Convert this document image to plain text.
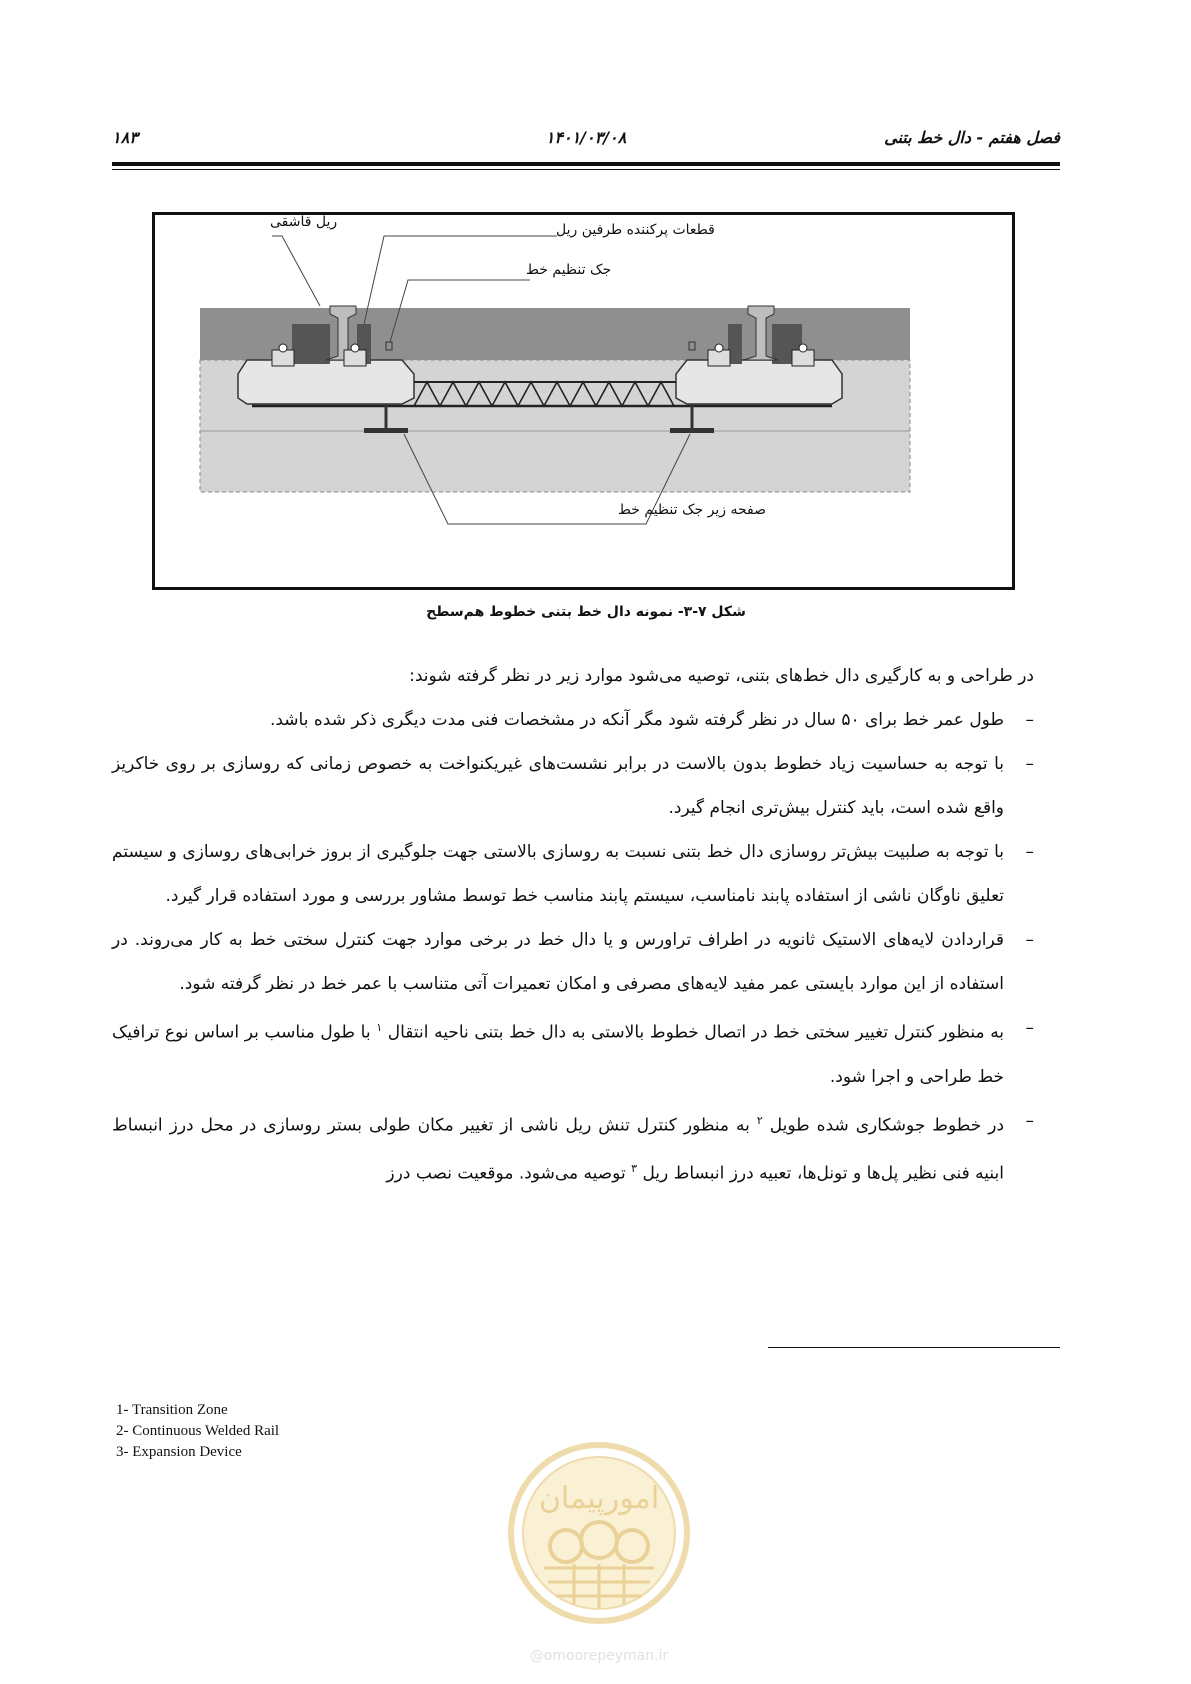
فصل هفتم - دال خط بتنی
۱۴۰۱/۰۳/۰۸
۱۸۳
ریل قاشقی	قطعات پرکننده طرفین ریل
جک تنظیم خط
صفحه زیر جک تنظیم خط
شکل ۷-۳- نمونه دال خط بتنی خطوط هم‌سطح

در طراحی و به کارگیری دال خط‌های بتنی، توصیه می‌شود موارد زیر در نظر گرفته شوند:

–
طول عمر خط برای ۵۰ سال در نظر گرفته شود مگر آنکه در مشخصات فنی مدت دیگری ذکر شده باشد.
–
با توجه به حساسیت زیاد خطوط بدون بالاست در برابر نشست‌های غیریکنواخت به خصوص زمانی که روسازی بر روی خاکریز واقع شده است، باید کنترل بیش‌تری انجام گیرد.
–
با توجه به صلبیت بیش‌تر روسازی دال خط بتنی نسبت به روسازی بالاستی جهت جلوگیری از بروز خرابی‌های روسازی و سیستم تعلیق ناوگان ناشی از استفاده پابند نامناسب، سیستم پابند مناسب خط توسط مشاور بررسی و مورد استفاده قرار گیرد.
–
قراردادن لایه‌های الاستیک ثانویه در اطراف تراورس و یا دال خط در برخی موارد جهت کنترل سختی خط به کار می‌روند. در استفاده از این موارد بایستی عمر مفید لایه‌های مصرفی و امکان تعمیرات آتی متناسب با عمر خط در نظر گرفته شود.
–
به منظور کنترل تغییر سختی خط در اتصال خطوط بالاستی به دال خط بتنی ناحیه انتقال $^۱$ با طول مناسب بر اساس نوع ترافیک خط طراحی و اجرا شود.
–
در خطوط جوشکاری شده طویل $^۲$ به منظور کنترل تنش ریل ناشی از تغییر مکان طولی بستر روسازی در محل درز انبساط ابنیه فنی نظیر پل‌ها و تونل‌ها، تعبیه درز انبساط ریل $^۳$ توصیه می‌شود. موقعیت نصب درز
1- Transition Zone
2- Continuous Welded Rail
3- Expansion Device
امورپیمان
@omoorepeyman.ir
